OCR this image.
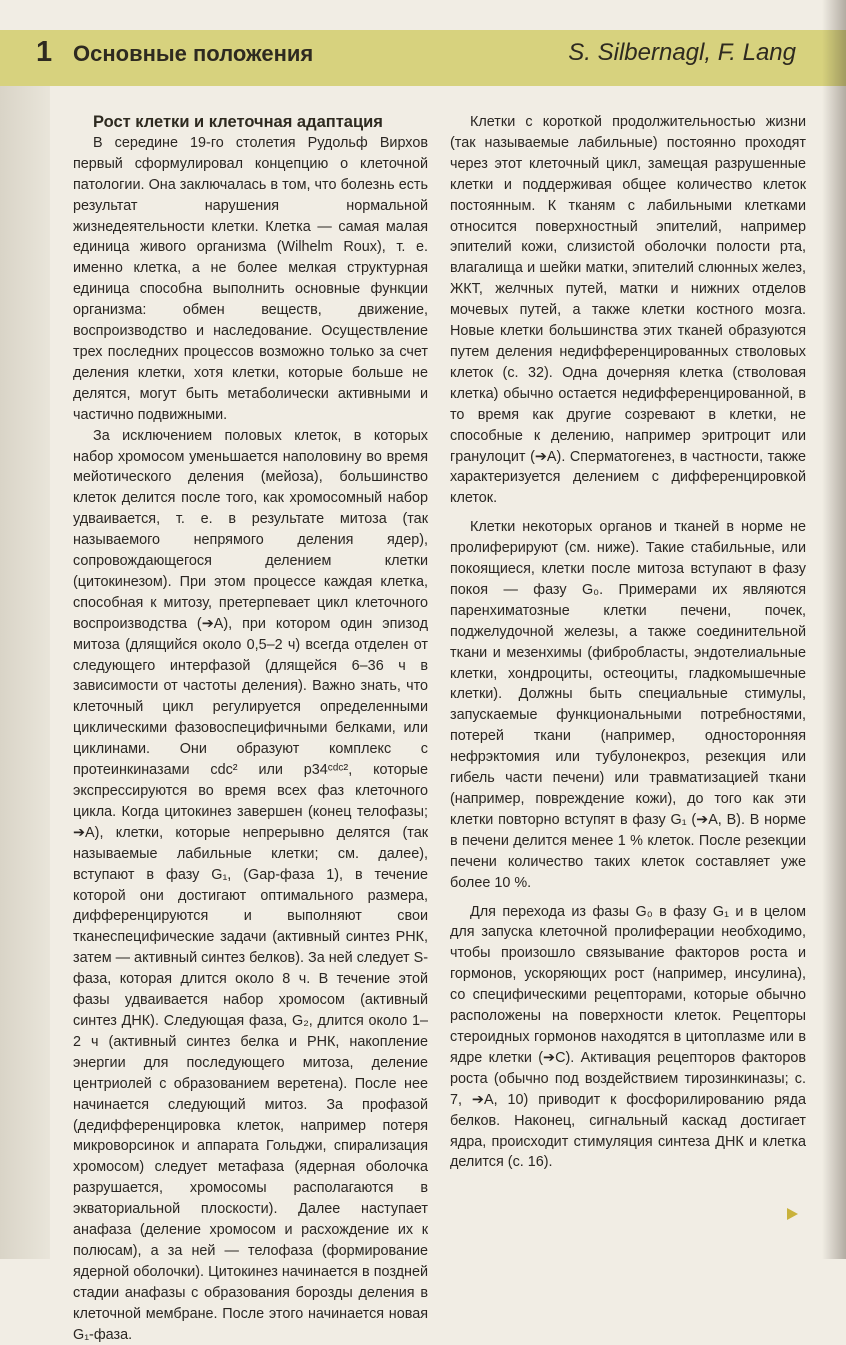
1 Основные положения	S. Silbernagl, F. Lang

Рост клетки и клеточная адаптация

В середине 19-го столетия Рудольф Вирхов первый сформулировал концепцию о клеточной патологии. Она заключалась в том, что болезнь есть результат нарушения нормальной жизнедеятельности клетки. Клетка — самая малая единица живого организма (Wilhelm Roux), т. е. именно клетка, а не более мелкая структурная единица способна выполнить основные функции организма: обмен веществ, движение, воспроизводство и наследование. Осуществление трех последних процессов возможно только за счет деления клетки, хотя клетки, которые больше не делятся, могут быть метаболически активными и частично подвижными.

За исключением половых клеток, в которых набор хромосом уменьшается наполовину во время мейотического деления (мейоза), большинство клеток делится после того, как хромосомный набор удваивается, т. е. в результате митоза (так называемого непрямого деления ядер), сопровождающегося делением клетки (цитокинезом). При этом процессе каждая клетка, способная к митозу, претерпевает цикл клеточного воспроизводства (➔A), при котором один эпизод митоза (длящийся около 0,5–2 ч) всегда отделен от следующего интерфазой (длящейся 6–36 ч в зависимости от частоты деления). Важно знать, что клеточный цикл регулируется определенными циклическими фазовоспецифичными белками, или циклинами. Они образуют комплекс с протеинкиназами cdc² или p34ᶜᵈᶜ², которые экспрессируются во время всех фаз клеточного цикла. Когда цитокинез завершен (конец телофазы; ➔A), клетки, которые непрерывно делятся (так называемые лабильные клетки; см. далее), вступают в фазу G₁, (Gap-фаза 1), в течение которой они достигают оптимального размера, дифференцируются и выполняют свои тканеспецифические задачи (активный синтез РНК, затем — активный синтез белков). За ней следует S-фаза, которая длится около 8 ч. В течение этой фазы удваивается набор хромосом (активный синтез ДНК). Следующая фаза, G₂, длится около 1–2 ч (активный синтез белка и РНК, накопление энергии для последующего митоза, деление центриолей с образованием веретена). После нее начинается следующий митоз. За профазой (дедифференцировка клеток, например потеря микроворсинок и аппарата Гольджи, спирализация хромосом) следует метафаза (ядерная оболочка разрушается, хромосомы располагаются в экваториальной плоскости). Далее наступает анафаза (деление хромосом и расхождение их к полюсам), а за ней — телофаза (формирование ядерной оболочки). Цитокинез начинается в поздней стадии анафазы с образования борозды деления в клеточной мембране. После этого начинается новая G₁-фаза.

Клетки с короткой продолжительностью жизни (так называемые лабильные) постоянно проходят через этот клеточный цикл, замещая разрушенные клетки и поддерживая общее количество клеток постоянным. К тканям с лабильными клетками относится поверхностный эпителий, например эпителий кожи, слизистой оболочки полости рта, влагалища и шейки матки, эпителий слюнных желез, ЖКТ, желчных путей, матки и нижних отделов мочевых путей, а также клетки костного мозга. Новые клетки большинства этих тканей образуются путем деления недифференцированных стволовых клеток (с. 32). Одна дочерняя клетка (стволовая клетка) обычно остается недифференцированной, в то время как другие созревают в клетки, не способные к делению, например эритроцит или гранулоцит (➔A). Сперматогенез, в частности, также характеризуется делением с дифференцировкой клеток.

Клетки некоторых органов и тканей в норме не пролиферируют (см. ниже). Такие стабильные, или покоящиеся, клетки после митоза вступают в фазу покоя — фазу G₀. Примерами их являются паренхиматозные клетки печени, почек, поджелудочной железы, а также соединительной ткани и мезенхимы (фибробласты, эндотелиальные клетки, хондроциты, остеоциты, гладкомышечные клетки). Должны быть специальные стимулы, запускаемые функциональными потребностями, потерей ткани (например, односторонняя нефрэктомия или тубулонекроз, резекция или гибель части печени) или травматизацией ткани (например, повреждение кожи), до того как эти клетки повторно вступят в фазу G₁ (➔A, B). В норме в печени делится менее 1 % клеток. После резекции печени количество таких клеток составляет уже более 10 %.

Для перехода из фазы G₀ в фазу G₁ и в целом для запуска клеточной пролиферации необходимо, чтобы произошло связывание факторов роста и гормонов, ускоряющих рост (например, инсулина), со специфическими рецепторами, которые обычно расположены на поверхности клеток. Рецепторы стероидных гормонов находятся в цитоплазме или в ядре клетки (➔C). Активация рецепторов факторов роста (обычно под воздействием тирозинкиназы; с. 7, ➔A, 10) приводит к фосфорилированию ряда белков. Наконец, сигнальный каскад достигает ядра, происходит стимуляция синтеза ДНК и клетка делится (с. 16).
